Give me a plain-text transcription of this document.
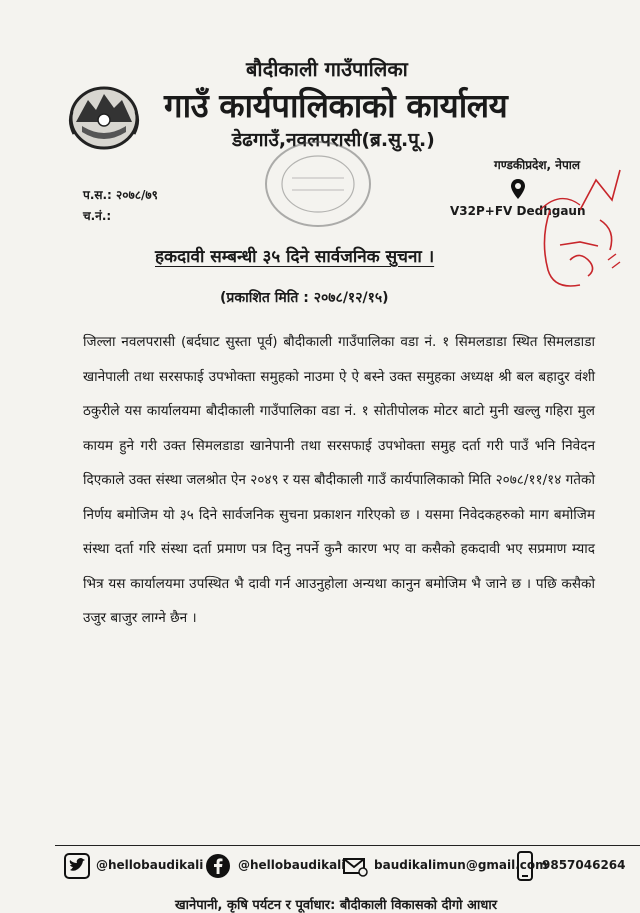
बौदीकाली गाउँपालिका
गाउँ कार्यपालिकाको कार्यालय
डेढगाउँ,नवलपरासी(ब्र.सु.पू.)
गण्डकीप्रदेश, नेपाल
V32P+FV Dedhgaun
प.स.: २०७८/७९
च.नं.:
हकदावी सम्बन्धी ३५ दिने सार्वजनिक सुचना ।
(प्रकाशित मिति : २०७८/१२/१५)
जिल्ला नवलपरासी (बर्दघाट सुस्ता पूर्व) बौदीकाली गाउँपालिका वडा नं. १ सिमलडाडा स्थित सिमलडाडा खानेपाली तथा सरसफाई उपभोक्ता समुहको नाउमा ऐ ऐ बस्ने उक्त समुहका अध्यक्ष श्री बल बहादुर वंशी ठकुरीले यस कार्यालयमा बौदीकाली गाउँपालिका वडा नं. १ सोतीपोलक मोटर बाटो मुनी खल्लु गहिरा मुल कायम हुने गरी उक्त सिमलडाडा खानेपानी तथा सरसफाई उपभोक्ता समुह दर्ता गरी पाउँ भनि निवेदन दिएकाले उक्त संस्था जलश्रोत ऐन २०४९ र यस बौदीकाली गाउँ कार्यपालिकाको मिति २०७८/११/१४ गतेको निर्णय बमोजिम यो ३५ दिने सार्वजनिक सुचना प्रकाशन गरिएको छ । यसमा निवेदकहरुको माग बमोजिम संस्था दर्ता गरि संस्था दर्ता प्रमाण पत्र दिनु नपर्ने कुनै कारण भए वा कसैको हकदावी भए सप्रमाण म्याद भित्र यस कार्यालयमा उपस्थित भै दावी गर्न आउनुहोला अन्यथा कानुन बमोजिम भै जाने छ । पछि कसैको उजुर बाजुर लाग्ने छैन ।
@hellobaudikali	@hellobaudikali baudikalimun@gmail.com
9857046264
खानेपानी, कृषि पर्यटन र पूर्वाधार: बौदीकाली विकासको दीगो आधार
